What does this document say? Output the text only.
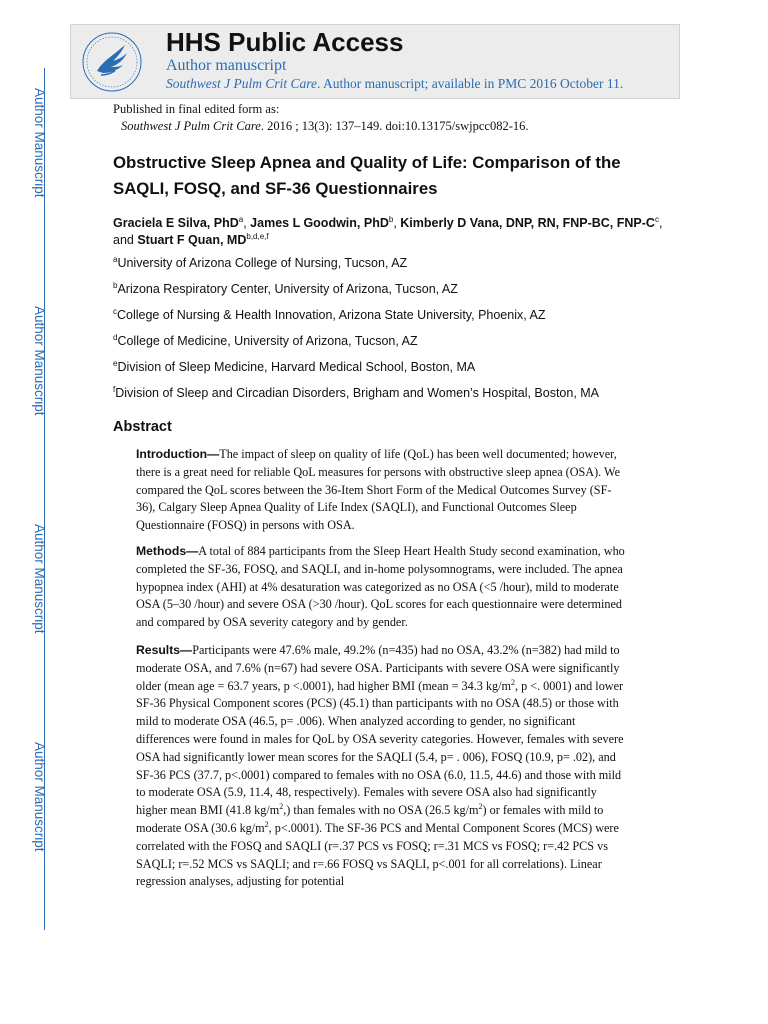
Author Manuscript
Author Manuscript
Author Manuscript
Author Manuscript
HHS Public Access
Author manuscript
Southwest J Pulm Crit Care. Author manuscript; available in PMC 2016 October 11.
Published in final edited form as:
Southwest J Pulm Crit Care. 2016 ; 13(3): 137–149. doi:10.13175/swjpcc082-16.
Obstructive Sleep Apnea and Quality of Life: Comparison of the SAQLI, FOSQ, and SF-36 Questionnaires
Graciela E Silva, PhD$^a$, James L Goodwin, PhD$^b$, Kimberly D Vana, DNP, RN, FNP-BC, FNP-$C^c$, and Stuart F Quan, MD$^{b,d,e,f}$
$^a$University of Arizona College of Nursing, Tucson, AZ
$^b$Arizona Respiratory Center, University of Arizona, Tucson, AZ
$^c$College of Nursing & Health Innovation, Arizona State University, Phoenix, AZ
$^d$College of Medicine, University of Arizona, Tucson, AZ
$^e$Division of Sleep Medicine, Harvard Medical School, Boston, MA
$^f$Division of Sleep and Circadian Disorders, Brigham and Women’s Hospital, Boston, MA
Abstract
Introduction—The impact of sleep on quality of life (QoL) has been well documented; however, there is a great need for reliable QoL measures for persons with obstructive sleep apnea (OSA). We compared the QoL scores between the 36-Item Short Form of the Medical Outcomes Survey (SF-36), Calgary Sleep Apnea Quality of Life Index (SAQLI), and Functional Outcomes Sleep Questionnaire (FOSQ) in persons with OSA.
Methods—A total of 884 participants from the Sleep Heart Health Study second examination, who completed the SF-36, FOSQ, and SAQLI, and in-home polysomnograms, were included. The apnea hypopnea index (AHI) at 4% desaturation was categorized as no OSA (<5 /hour), mild to moderate OSA (5–30 /hour) and severe OSA (>30 /hour). QoL scores for each questionnaire were determined and compared by OSA severity category and by gender.
Results—Participants were 47.6% male, 49.2% (n=435) had no OSA, 43.2% (n=382) had mild to moderate OSA, and 7.6% (n=67) had severe OSA. Participants with severe OSA were significantly older (mean age = 63.7 years, p <.0001), had higher BMI (mean = 34.3 $kg/m^2$, p <. 0001) and lower SF-36 Physical Component scores (PCS) (45.1) than participants with no OSA (48.5) or those with mild to moderate OSA (46.5, p= .006). When analyzed according to gender, no significant differences were found in males for QoL by OSA severity categories. However, females with severe OSA had significantly lower mean scores for the SAQLI (5.4, p= . 006), FOSQ (10.9, p= .02), and SF-36 PCS (37.7, p<.0001) compared to females with no OSA (6.0, 11.5, 44.6) and those with mild to moderate OSA (5.9, 11.4, 48, respectively). Females with severe OSA also had significantly higher mean BMI (41.8 $kg/m^2$,) than females with no OSA (26.5 $kg/m^2$) or females with mild to moderate OSA (30.6 $kg/m^2$, p<.0001). The SF-36 PCS and Mental Component Scores (MCS) were correlated with the FOSQ and SAQLI (r=.37 PCS vs FOSQ; r=.31 MCS vs FOSQ; r=.42 PCS vs SAQLI; r=.52 MCS vs SAQLI; and r=.66 FOSQ vs SAQLI, p<.001 for all correlations). Linear regression analyses, adjusting for potential
